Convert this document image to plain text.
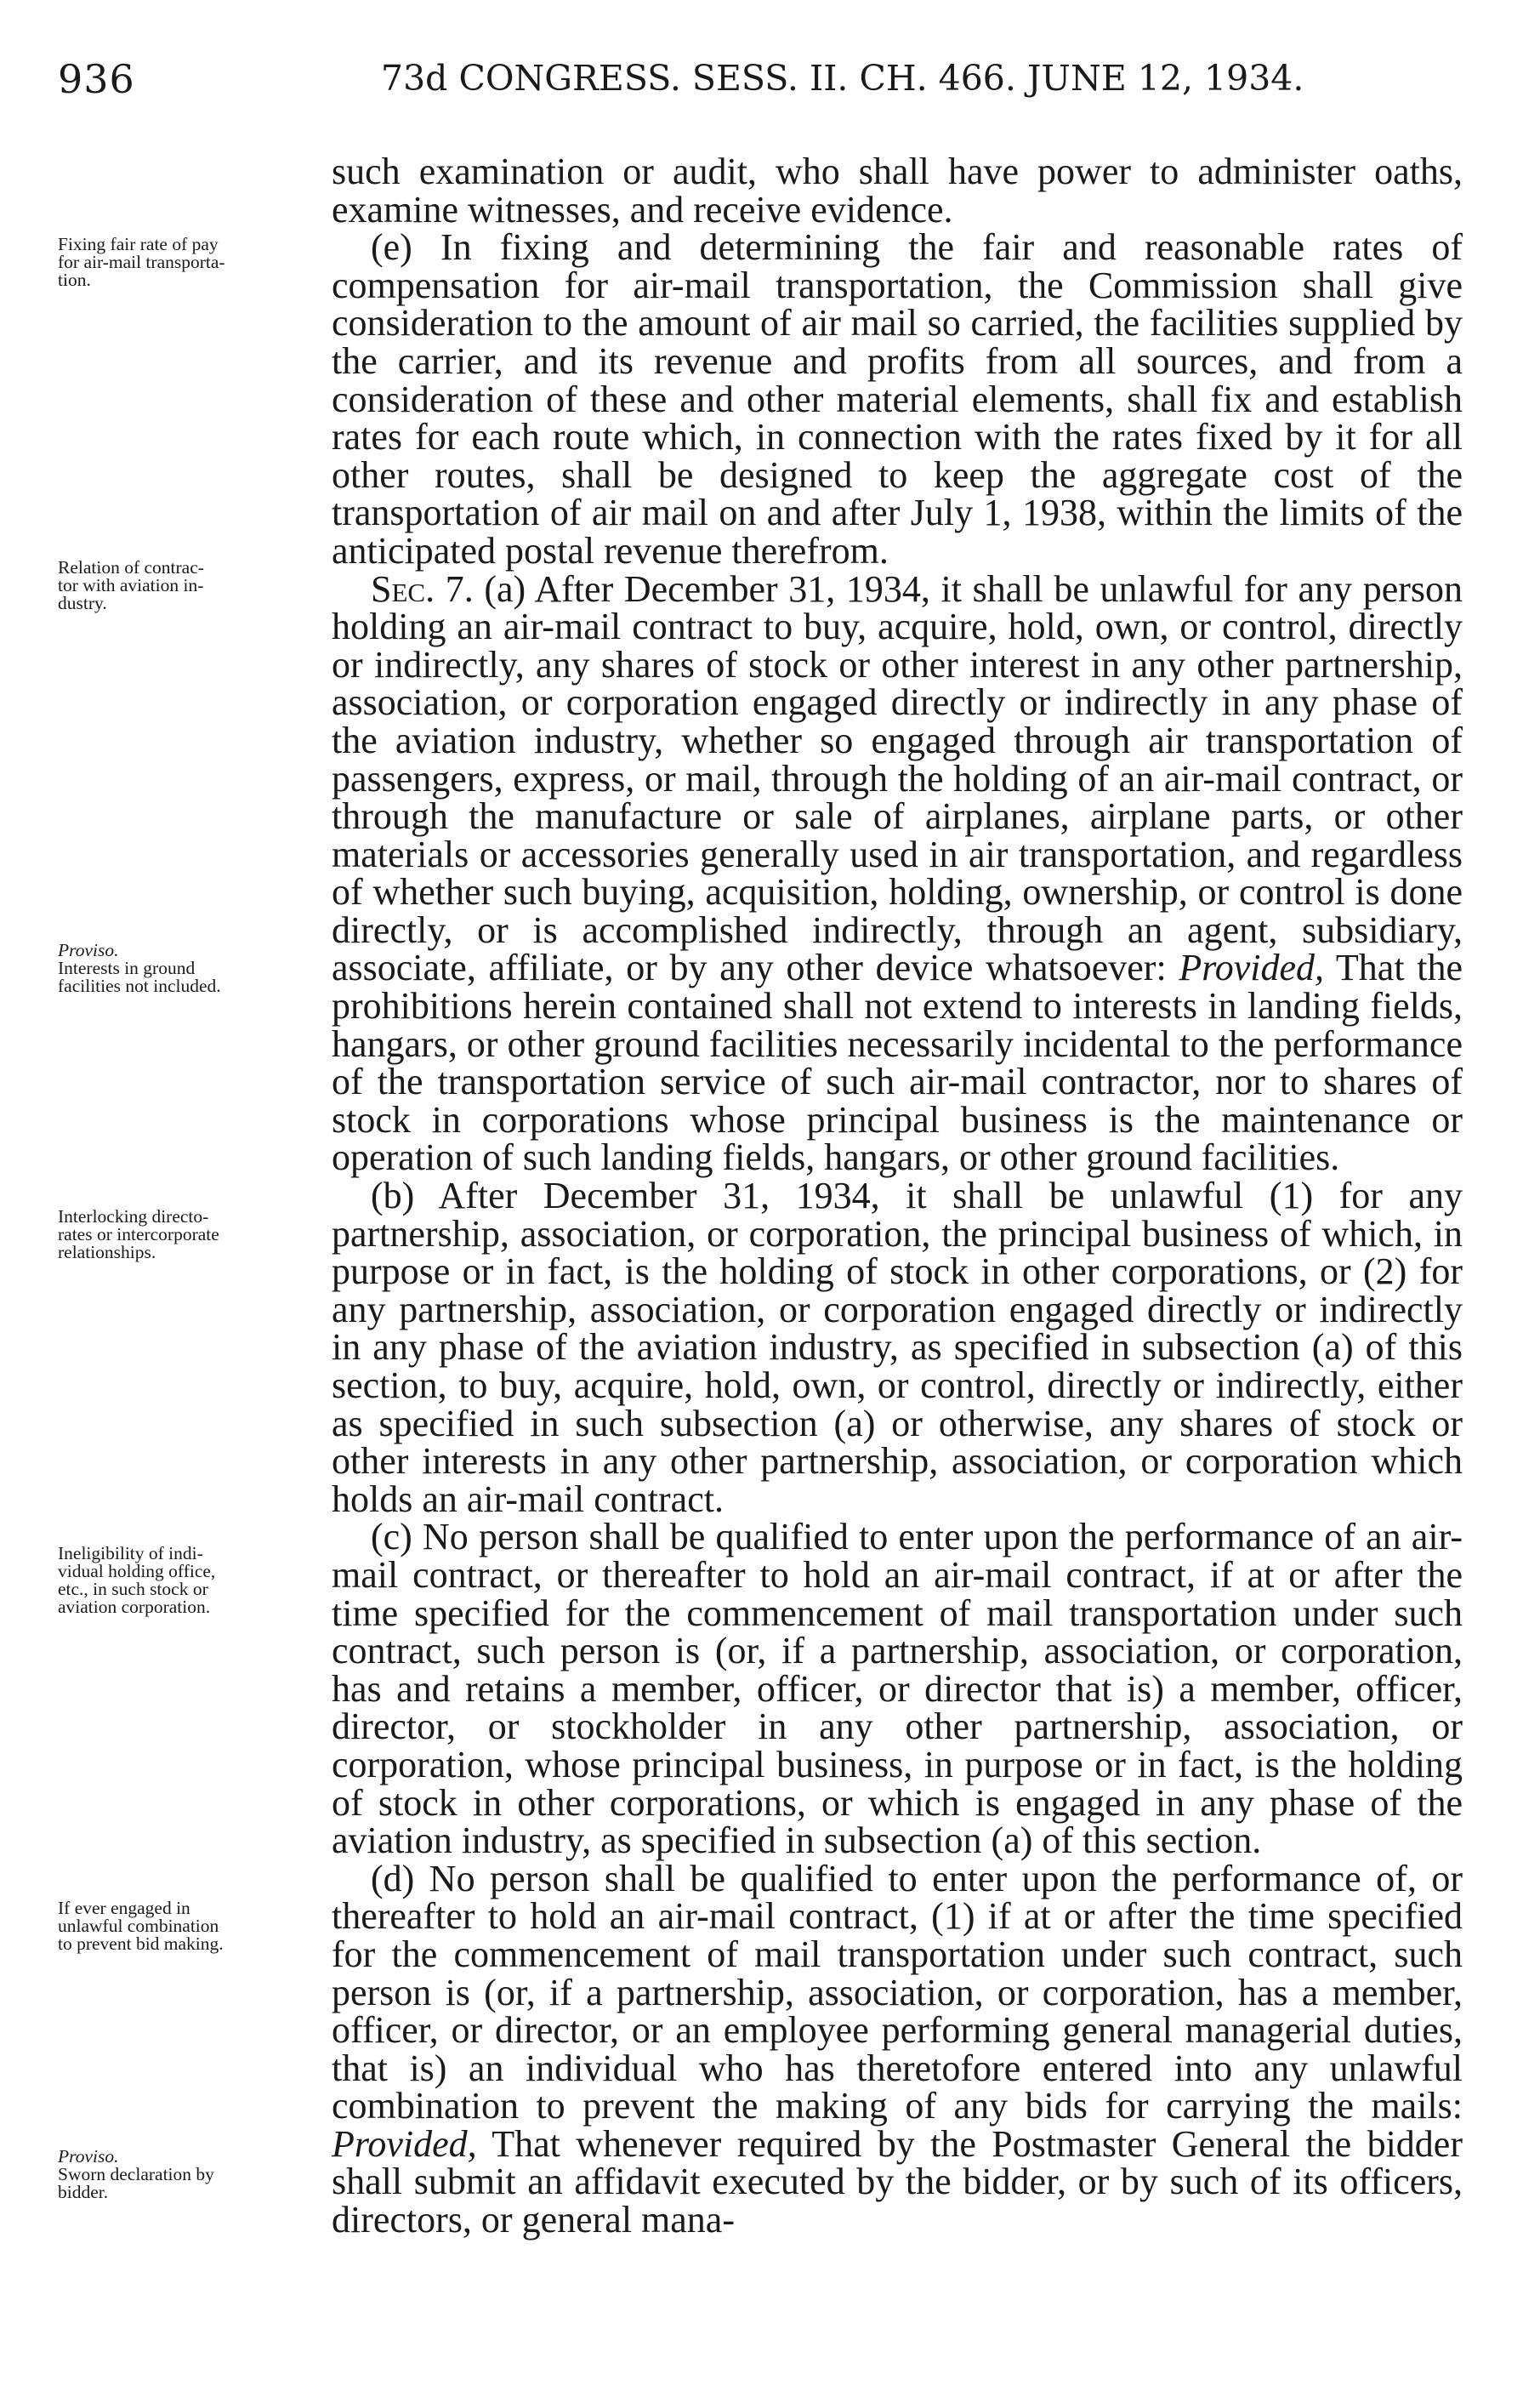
936	73d CONGRESS. SESS. II. CH. 466. JUNE 12, 1934.
Fixing fair rate of pay
for air-mail transporta-
tion.
Relation of contrac-
tor with aviation in-
dustry.
Proviso.
Interests in ground
facilities not included.
Interlocking directo-
rates or intercorporate
relationships.
Ineligibility of indi-
vidual holding office,
etc., in such stock or
aviation corporation.
If ever engaged in
unlawful combination
to prevent bid making.
Proviso.
Sworn declaration by
bidder.

such examination or audit, who shall have power to administer oaths, examine witnesses, and receive evidence.

(e) In fixing and determining the fair and reasonable rates of compensation for air-mail transportation, the Commission shall give consideration to the amount of air mail so carried, the facilities supplied by the carrier, and its revenue and profits from all sources, and from a consideration of these and other material elements, shall fix and establish rates for each route which, in connection with the rates fixed by it for all other routes, shall be designed to keep the aggregate cost of the transportation of air mail on and after July 1, 1938, within the limits of the anticipated postal revenue therefrom.

Sec. 7. (a) After December 31, 1934, it shall be unlawful for any person holding an air-mail contract to buy, acquire, hold, own, or control, directly or indirectly, any shares of stock or other interest in any other partnership, association, or corporation engaged directly or indirectly in any phase of the aviation industry, whether so engaged through air transportation of passengers, express, or mail, through the holding of an air-mail contract, or through the manufacture or sale of airplanes, airplane parts, or other materials or accessories generally used in air transportation, and regardless of whether such buying, acquisition, holding, ownership, or control is done directly, or is accomplished indirectly, through an agent, subsidiary, associate, affiliate, or by any other device whatsoever: Provided, That the prohibitions herein contained shall not extend to interests in landing fields, hangars, or other ground facilities necessarily incidental to the performance of the transportation service of such air-mail contractor, nor to shares of stock in corporations whose principal business is the maintenance or operation of such landing fields, hangars, or other ground facilities.

(b) After December 31, 1934, it shall be unlawful (1) for any partnership, association, or corporation, the principal business of which, in purpose or in fact, is the holding of stock in other corporations, or (2) for any partnership, association, or corporation engaged directly or indirectly in any phase of the aviation industry, as specified in subsection (a) of this section, to buy, acquire, hold, own, or control, directly or indirectly, either as specified in such subsection (a) or otherwise, any shares of stock or other interests in any other partnership, association, or corporation which holds an air-mail contract.

(c) No person shall be qualified to enter upon the performance of an air-mail contract, or thereafter to hold an air-mail contract, if at or after the time specified for the commencement of mail transportation under such contract, such person is (or, if a partnership, association, or corporation, has and retains a member, officer, or director that is) a member, officer, director, or stockholder in any other partnership, association, or corporation, whose principal business, in purpose or in fact, is the holding of stock in other corporations, or which is engaged in any phase of the aviation industry, as specified in subsection (a) of this section.

(d) No person shall be qualified to enter upon the performance of, or thereafter to hold an air-mail contract, (1) if at or after the time specified for the commencement of mail transportation under such contract, such person is (or, if a partnership, association, or corporation, has a member, officer, or director, or an employee performing general managerial duties, that is) an individual who has theretofore entered into any unlawful combination to prevent the making of any bids for carrying the mails: Provided, That whenever required by the Postmaster General the bidder shall submit an affidavit executed by the bidder, or by such of its officers, directors, or general mana-
